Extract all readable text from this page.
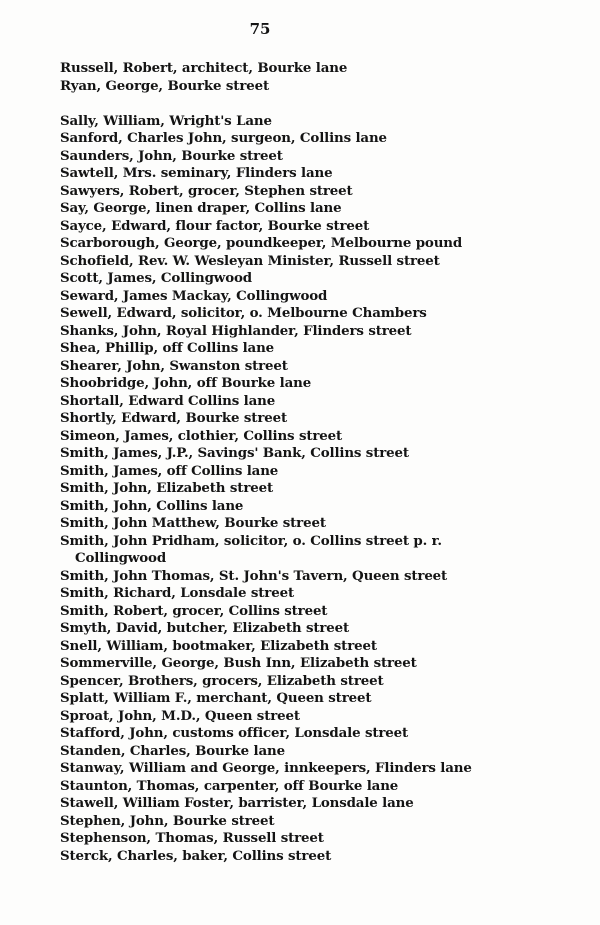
75
Russell, Robert, architect, Bourke lane
Ryan, George, Bourke street
Sally, William, Wright's Lane
Sanford, Charles John, surgeon, Collins lane
Saunders, John, Bourke street
Sawtell, Mrs. seminary, Flinders lane
Sawyers, Robert, grocer, Stephen street
Say, George, linen draper, Collins lane
Sayce, Edward, flour factor, Bourke street
Scarborough, George, poundkeeper, Melbourne pound
Schofield, Rev. W. Wesleyan Minister, Russell street
Scott, James, Collingwood
Seward, James Mackay, Collingwood
Sewell, Edward, solicitor, o. Melbourne Chambers
Shanks, John, Royal Highlander, Flinders street
Shea, Phillip, off Collins lane
Shearer, John, Swanston street
Shoobridge, John, off Bourke lane
Shortall, Edward Collins lane
Shortly, Edward, Bourke street
Simeon, James, clothier, Collins street
Smith, James, J.P., Savings' Bank, Collins street
Smith, James, off Collins lane
Smith, John, Elizabeth street
Smith, John, Collins lane
Smith, John Matthew, Bourke street
Smith, John Pridham, solicitor, o. Collins street p. r.
Collingwood
Smith, John Thomas, St. John's Tavern, Queen street
Smith, Richard, Lonsdale street
Smith, Robert, grocer, Collins street
Smyth, David, butcher, Elizabeth street
Snell, William, bootmaker, Elizabeth street
Sommerville, George, Bush Inn, Elizabeth street
Spencer, Brothers, grocers, Elizabeth street
Splatt, William F., merchant, Queen street
Sproat, John, M.D., Queen street
Stafford, John, customs officer, Lonsdale street
Standen, Charles, Bourke lane
Stanway, William and George, innkeepers, Flinders lane
Staunton, Thomas, carpenter, off Bourke lane
Stawell, William Foster, barrister, Lonsdale lane
Stephen, John, Bourke street
Stephenson, Thomas, Russell street
Sterck, Charles, baker, Collins street
